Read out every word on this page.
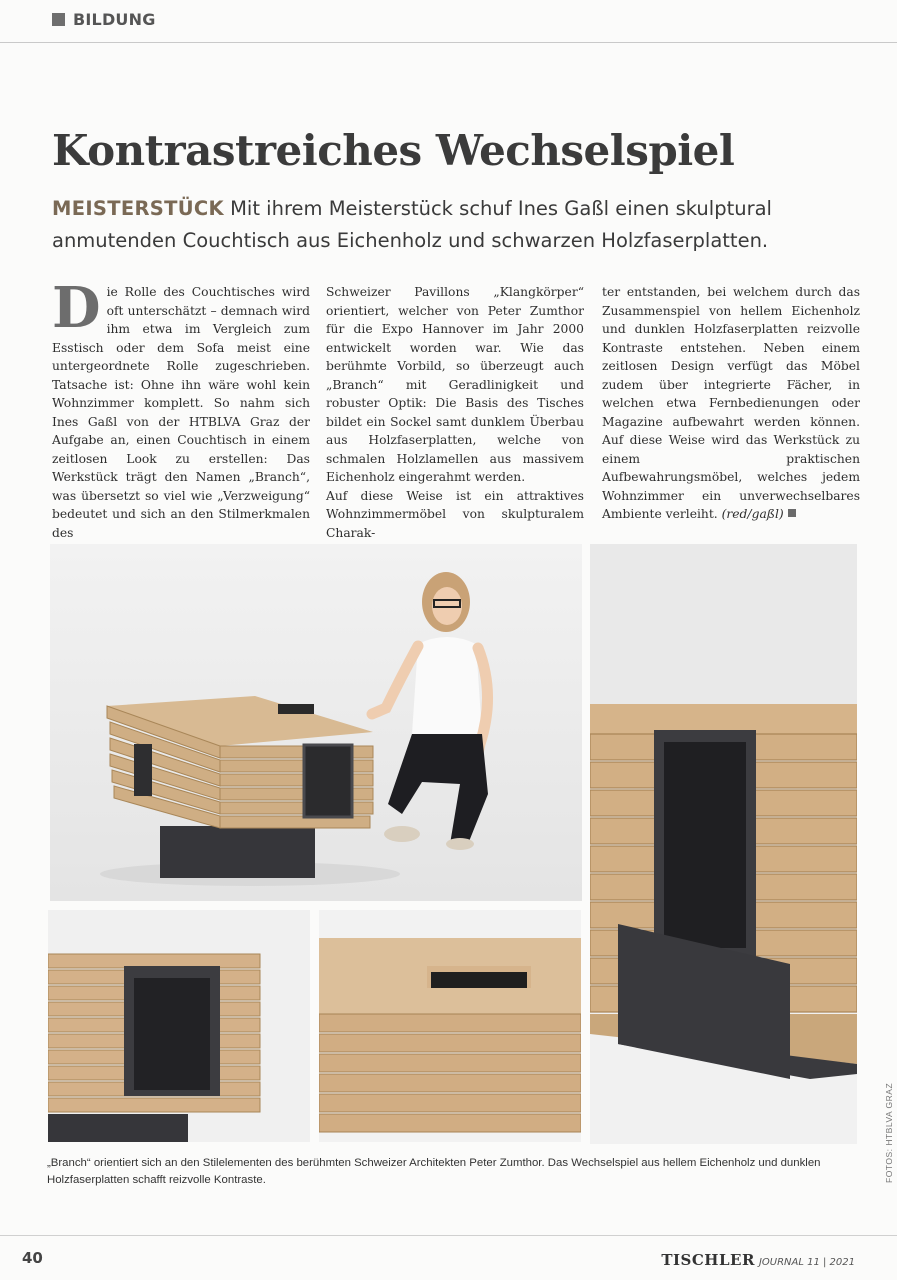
BILDUNG
Kontrastreiches Wechselspiel
MEISTERSTÜCK Mit ihrem Meisterstück schuf Ines Gaßl einen skulptural anmutenden Couchtisch aus Eichenholz und schwarzen Holzfaserplatten.

Die Rolle des Couchtisches wird oft unterschätzt – demnach wird ihm etwa im Vergleich zum Esstisch oder dem Sofa meist eine untergeordnete Rolle zugeschrieben. Tatsache ist: Ohne ihn wäre wohl kein Wohnzimmer komplett. So nahm sich Ines Gaßl von der HTBLVA Graz der Aufgabe an, einen Couchtisch in einem zeitlosen Look zu erstellen: Das Werkstück trägt den Namen „Branch“, was übersetzt so viel wie „Verzweigung“ bedeutet und sich an den Stilmerkmalen des

Schweizer Pavillons „Klangkörper“ orientiert, welcher von Peter Zumthor für die Expo Hannover im Jahr 2000 entwickelt worden war. Wie das berühmte Vorbild, so überzeugt auch „Branch“ mit Geradlinigkeit und robuster Optik: Die Basis des Tisches bildet ein Sockel samt dunklem Überbau aus Holzfaserplatten, welche von schmalen Holzlamellen aus massivem Eichenholz eingerahmt werden.

Auf diese Weise ist ein attraktives Wohnzimmermöbel von skulpturalem Charak-

ter entstanden, bei welchem durch das Zusammenspiel von hellem Eichenholz und dunklen Holzfaserplatten reizvolle Kontraste entstehen. Neben einem zeitlosen Design verfügt das Möbel zudem über integrierte Fächer, in welchen etwa Fernbedienungen oder Magazine aufbewahrt werden können. Auf diese Weise wird das Werkstück zu einem praktischen Aufbewahrungsmöbel, welches jedem Wohnzimmer ein unverwechselbares Ambiente verleiht. (red/gaßl)

„Branch“ orientiert sich an den Stilelementen des berühmten Schweizer Architekten Peter Zumthor. Das Wechselspiel aus hellem Eichenholz und dunklen Holzfaserplatten schafft reizvolle Kontraste.	FOTOS: HTBLVA GRAZ
40	TISCHLER JOURNAL 11 | 2021
